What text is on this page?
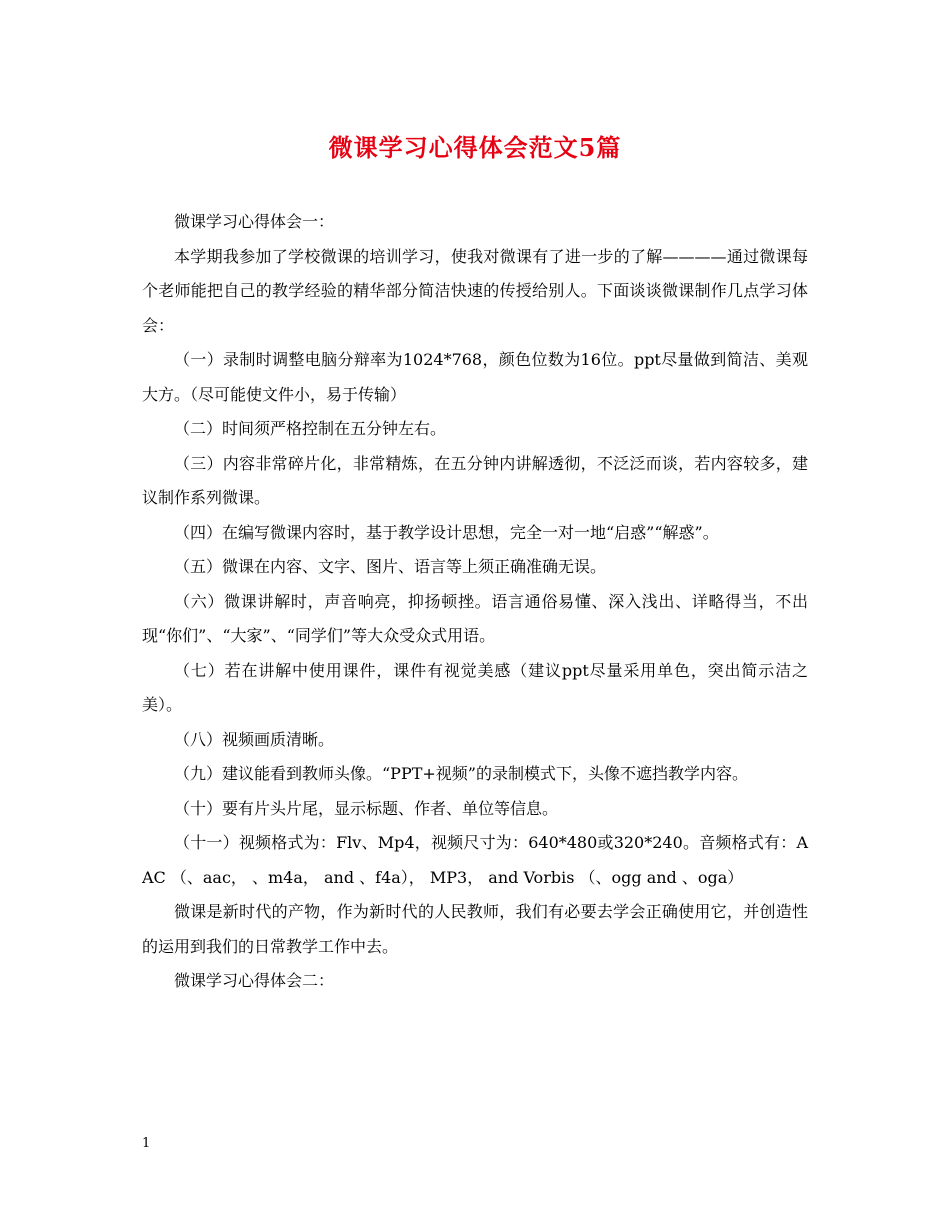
微课学习心得体会范文5篇

微课学习心得体会一：

本学期我参加了学校微课的培训学习，使我对微课有了进一步的了解————通过微课每个老师能把自己的教学经验的精华部分简洁快速的传授给别人。下面谈谈微课制作几点学习体会：

（一）录制时调整电脑分辩率为1024*768，颜色位数为16位。ppt尽量做到简洁、美观大方。（尽可能使文件小，易于传输）

（二）时间须严格控制在五分钟左右。

（三）内容非常碎片化，非常精炼，在五分钟内讲解透彻，不泛泛而谈，若内容较多，建议制作系列微课。

（四）在编写微课内容时，基于教学设计思想，完全一对一地“启惑”“解惑”。

（五）微课在内容、文字、图片、语言等上须正确准确无误。

（六）微课讲解时，声音响亮，抑扬顿挫。语言通俗易懂、深入浅出、详略得当，不出现“你们”、“大家”、“同学们”等大众受众式用语。

（七）若在讲解中使用课件，课件有视觉美感（建议ppt尽量采用单色，突出简示洁之美）。

（八）视频画质清晰。

（九）建议能看到教师头像。“PPT+视频”的录制模式下，头像不遮挡教学内容。

（十）要有片头片尾，显示标题、作者、单位等信息。

（十一）视频格式为：Flv、Mp4，视频尺寸为：640*480或320*240。音频格式有：AAC （、aac， 、m4a， and 、f4a）， MP3， and Vorbis （、ogg and 、oga）

微课是新时代的产物，作为新时代的人民教师，我们有必要去学会正确使用它，并创造性的运用到我们的日常教学工作中去。

微课学习心得体会二：

1
